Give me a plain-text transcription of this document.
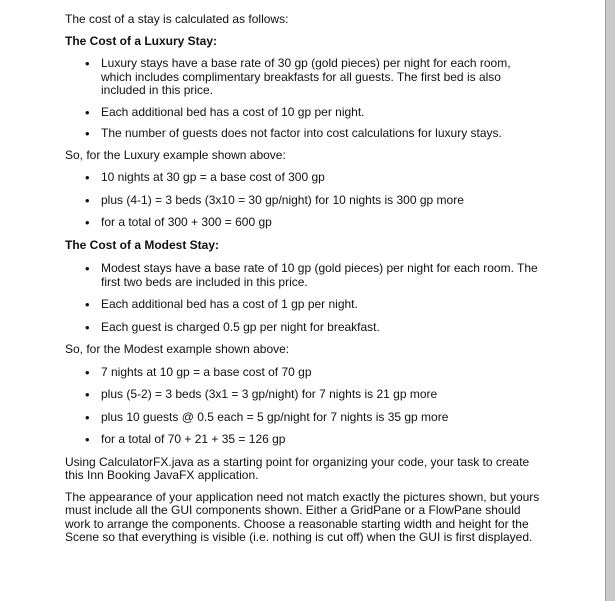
The cost of a stay is calculated as follows:

The Cost of a Luxury Stay:

• Luxury stays have a base rate of 30 gp (gold pieces) per night for each room, which includes complimentary breakfasts for all guests. The first bed is also included in this price.
• Each additional bed has a cost of 10 gp per night.
• The number of guests does not factor into cost calculations for luxury stays.

So, for the Luxury example shown above:

• 10 nights at 30 gp = a base cost of 300 gp
• plus (4-1) = 3 beds (3x10 = 30 gp/night) for 10 nights is 300 gp more
• for a total of 300 + 300 = 600 gp

The Cost of a Modest Stay:

• Modest stays have a base rate of 10 gp (gold pieces) per night for each room. The first two beds are included in this price.
• Each additional bed has a cost of 1 gp per night.
• Each guest is charged 0.5 gp per night for breakfast.

So, for the Modest example shown above:

• 7 nights at 10 gp = a base cost of 70 gp
• plus (5-2) = 3 beds (3x1 = 3 gp/night) for 7 nights is 21 gp more
• plus 10 guests @ 0.5 each = 5 gp/night for 7 nights is 35 gp more
• for a total of 70 + 21 + 35 = 126 gp

Using CalculatorFX.java as a starting point for organizing your code, your task to create this Inn Booking JavaFX application.

The appearance of your application need not match exactly the pictures shown, but yours must include all the GUI components shown. Either a GridPane or a FlowPane should work to arrange the components. Choose a reasonable starting width and height for the Scene so that everything is visible (i.e. nothing is cut off) when the GUI is first displayed.
